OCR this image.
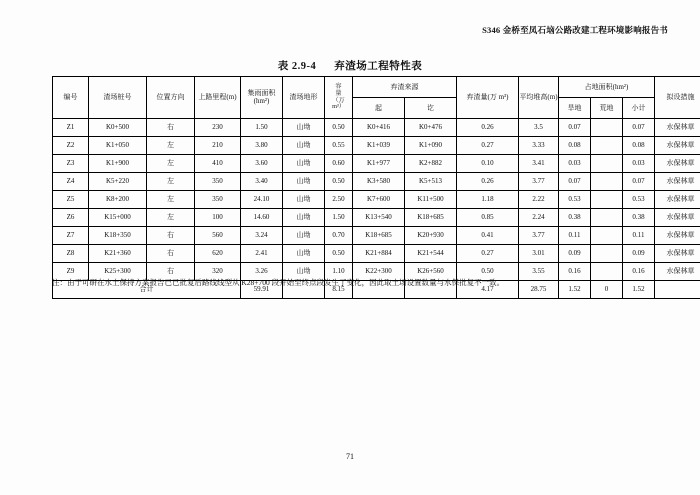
S346 金桥至凤石垴公路改建工程环境影响报告书
表 2.9-4 弃渣场工程特性表
编号	渣场桩号	位置方向	上路里程(m)	集雨面积(hm²)	渣场地形	容
量
（万
m³）	弃渣来源		弃渣量(万 m³)	平均堆高(m)	占地面积(hm²)			拟设措施
							起	讫			旱地	荒地	小计	
Z1	K0+500	右	230	1.50	山坳	0.50	K0+416	K0+476	0.26	3.5	0.07		0.07	水保林草
Z2	K1+050	左	210	3.80	山坳	0.55	K1+039	K1+090	0.27	3.33	0.08		0.08	水保林草
Z3	K1+900	左	410	3.60	山坳	0.60	K1+977	K2+882	0.10	3.41	0.03		0.03	水保林草
Z4	K5+220	左	350	3.40	山坳	0.50	K3+580	K5+513	0.26	3.77	0.07		0.07	水保林草
Z5	K8+200	左	350	24.10	山坳	2.50	K7+600	K11+500	1.18	2.22	0.53		0.53	水保林草
Z6	K15+000	左	100	14.60	山坳	1.50	K13+540	K18+685	0.85	2.24	0.38		0.38	水保林草
Z7	K18+350	右	560	3.24	山坳	0.70	K18+685	K20+930	0.41	3.77	0.11		0.11	水保林草
Z8	K21+360	右	620	2.41	山坳	0.50	K21+884	K21+544	0.27	3.01	0.09		0.09	水保林草
Z9	K25+300	右	320	3.26	山坳	1.10	K22+300	K26+560	0.50	3.55	0.16		0.16	水保林草
合计				59.91		8.15			4.17	28.75	1.52	0	1.52	
注：由于可研在水土保持方案报告已已批复后路线线型从 K28+700 段开始至终点段发生了变化，因此取土场设置数量与水保批复不一致。
71
